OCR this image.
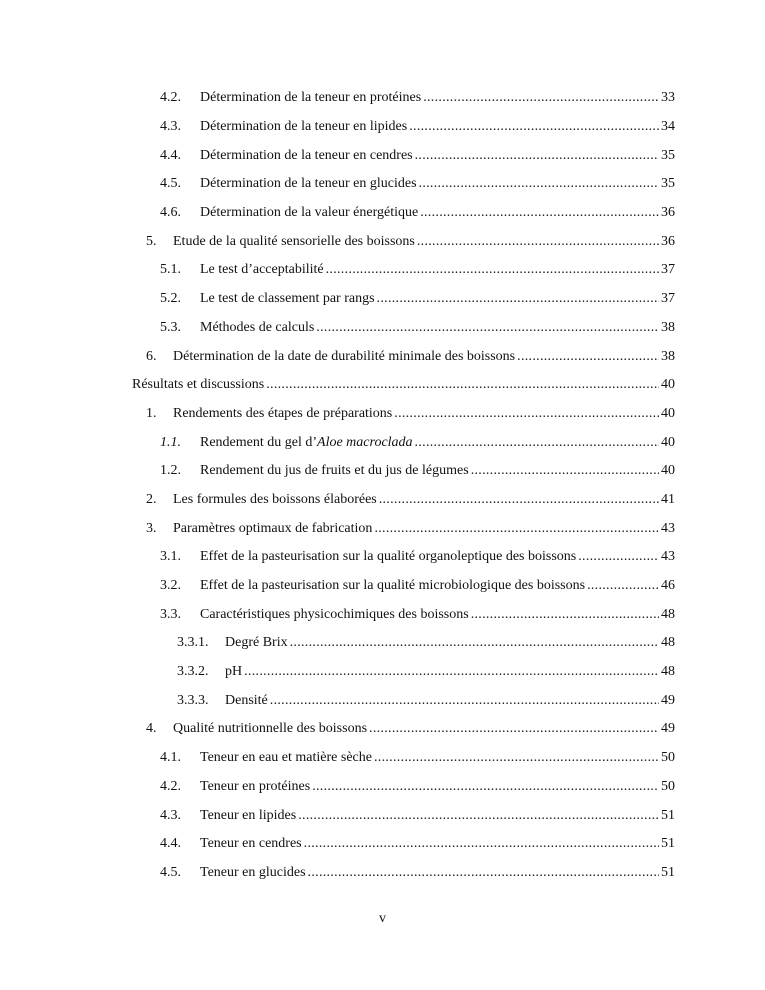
4.2.	Détermination de la teneur en protéines .....	33
4.3.	Détermination de la teneur en lipides .....	34
4.4.	Détermination de la teneur en cendres .....	35
4.5.	Détermination de la teneur en glucides .....	35
4.6.	Détermination de la valeur énergétique .....	36
5.	Etude de la qualité sensorielle des boissons .....	36
5.1.	Le test d’acceptabilité .....	37
5.2.	Le test de classement par rangs .....	37
5.3.	Méthodes de calculs .....	38
6.	Détermination de la date de durabilité minimale des boissons .....	38
Résultats et discussions .....	40
1.	Rendements des étapes de préparations .....	40
1.1.	Rendement du gel d’Aloe macroclada .....	40
1.2.	Rendement du jus de fruits et du jus de légumes .....	40
2.	Les formules des boissons élaborées .....	41
3.	Paramètres optimaux de fabrication .....	43
3.1.	Effet de la pasteurisation sur la qualité organoleptique des boissons .....	43
3.2.	Effet de la pasteurisation sur la qualité microbiologique des boissons .....	46
3.3.	Caractéristiques physicochimiques des boissons .....	48
3.3.1.	Degré Brix .....	48
3.3.2.	pH .....	48
3.3.3.	Densité .....	49
4.	Qualité nutritionnelle des boissons .....	49
4.1.	Teneur en eau et matière sèche .....	50
4.2.	Teneur en protéines .....	50
4.3.	Teneur en lipides .....	51
4.4.	Teneur en cendres .....	51
4.5.	Teneur en glucides .....	51
v
